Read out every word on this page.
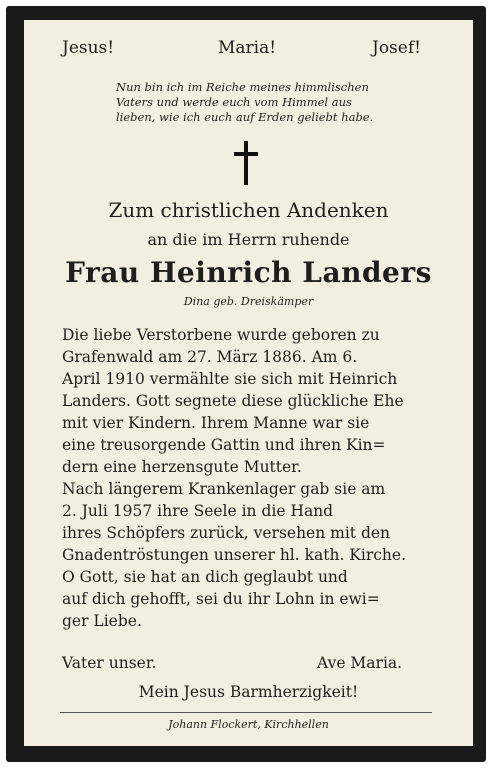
Jesus!	Maria!	Josef!
Nun bin ich im Reiche meines himmlischen
Vaters und werde euch vom Himmel aus
lieben, wie ich euch auf Erden geliebt habe.
Zum christlichen Andenken
an die im Herrn ruhende
Frau Heinrich Landers
Dina geb. Dreiskämper
Die liebe Verstorbene wurde geboren zu
Grafenwald am 27. März 1886. Am 6.
April 1910 vermählte sie sich mit Heinrich
Landers. Gott segnete diese glückliche Ehe
mit vier Kindern. Ihrem Manne war sie
eine treusorgende Gattin und ihren Kin=
dern eine herzensgute Mutter.
Nach längerem Krankenlager gab sie am
2. Juli 1957 ihre Seele in die Hand
ihres Schöpfers zurück, versehen mit den
Gnadentröstungen unserer hl. kath. Kirche.
O Gott, sie hat an dich geglaubt und
auf dich gehofft, sei du ihr Lohn in ewi=
ger Liebe.
Vater unser.	Ave Maria.
Mein Jesus Barmherzigkeit!
Johann Flockert, Kirchhellen
